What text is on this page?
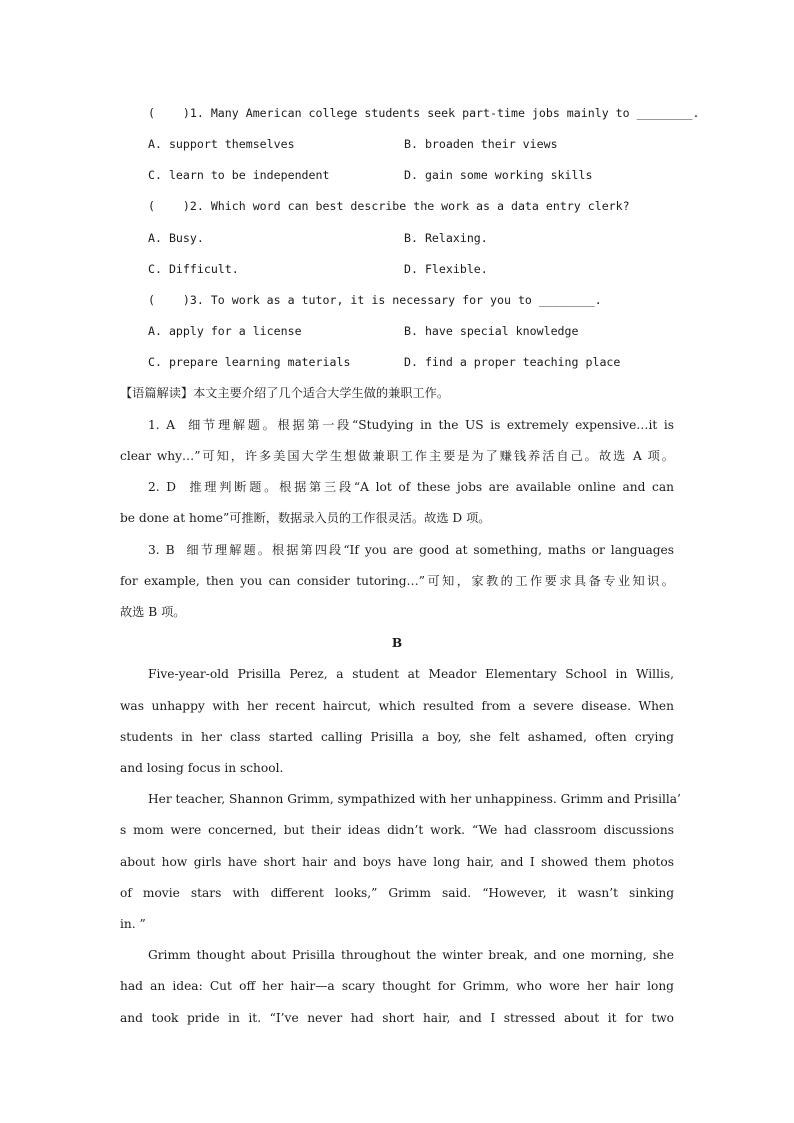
(    )1. Many American college students seek part-time jobs mainly to ________.
A. support themselves	B. broaden their views
C. learn to be independent	D. gain some working skills
(    )2. Which word can best describe the work as a data entry clerk?
A. Busy.	B. Relaxing.
C. Difficult.	D. Flexible.
(    )3. To work as a tutor, it is necessary for you to ________.
A. apply for a license	B. have special knowledge
C. prepare learning materials	D. find a proper teaching place
【语篇解读】本文主要介绍了几个适合大学生做的兼职工作。
1. A  细节理解题。根据第一段“Studying in the US is extremely expensive…it is
clear why…”可知，许多美国大学生想做兼职工作主要是为了赚钱养活自己。故选 A 项。
2. D  推理判断题。根据第三段“A lot of these jobs are available online and can
be done at home”可推断，数据录入员的工作很灵活。故选 D 项。
3. B  细节理解题。根据第四段“If you are good at something, maths or languages
for example, then you can consider tutoring…”可知，家教的工作要求具备专业知识。
故选 B 项。
B
Five-year-old Prisilla Perez, a student at Meador Elementary School in Willis,
was unhappy with her recent haircut, which resulted from a severe disease. When
students in her class started calling Prisilla a boy, she felt ashamed, often crying
and losing focus in school.
Her teacher, Shannon Grimm, sympathized with her unhappiness. Grimm and Prisilla’
s mom were concerned, but their ideas didn’t work. “We had classroom discussions
about how girls have short hair and boys have long hair, and I showed them photos
of movie stars with different looks,” Grimm said. “However, it wasn’t sinking
in. ”
Grimm thought about Prisilla throughout the winter break, and one morning, she
had an idea: Cut off her hair—a scary thought for Grimm, who wore her hair long
and took pride in it. “I’ve never had short hair, and I stressed about it for two
